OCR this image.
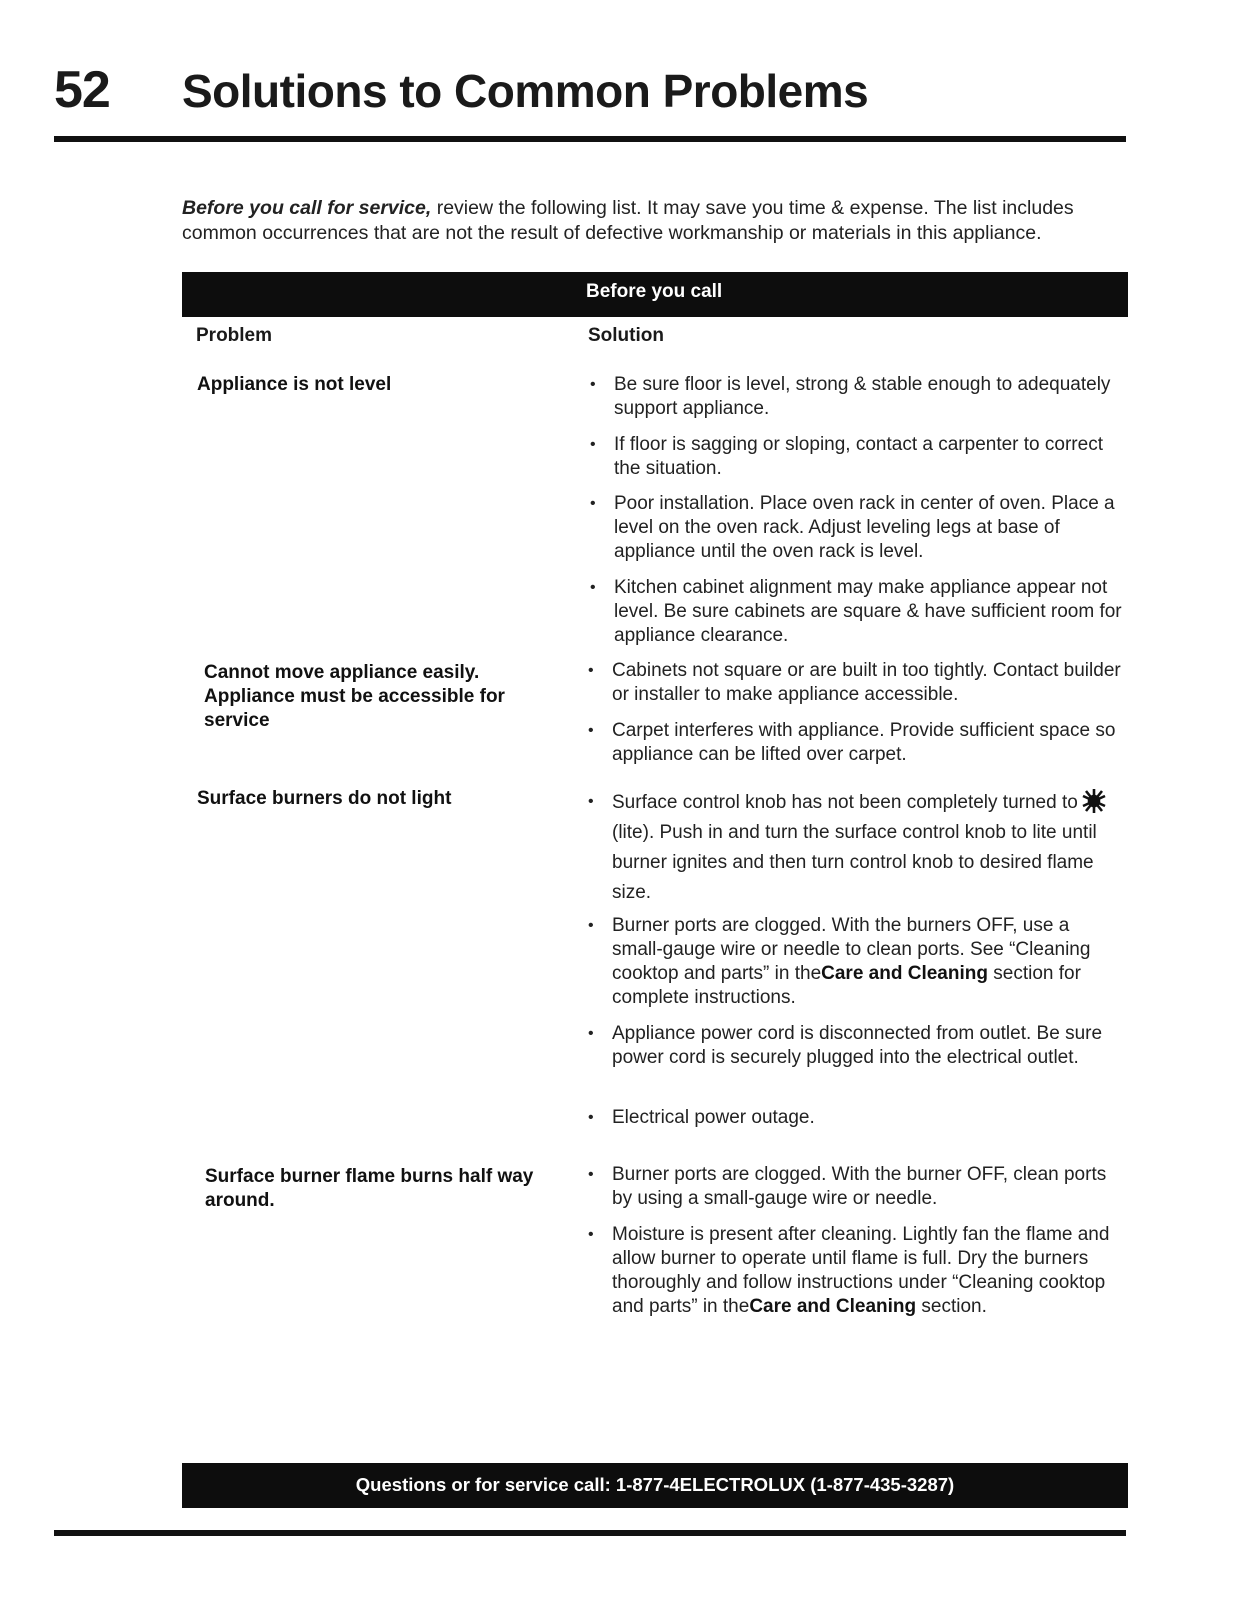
52 Solutions to Common Problems
Before you call for service, review the following list. It may save you time & expense. The list includes common occurrences that are not the result of defective workmanship or materials in this appliance.
Before you call
Problem	Solution
Appliance is not level	• Be sure floor is level, strong & stable enough to adequately support appliance.
• If floor is sagging or sloping, contact a carpenter to correct the situation.
• Poor installation. Place oven rack in center of oven. Place a level on the oven rack. Adjust leveling legs at base of appliance until the oven rack is level.
• Kitchen cabinet alignment may make appliance appear not level. Be sure cabinets are square & have sufficient room for appliance clearance.
Cannot move appliance easily. Appliance must be accessible for service
• Cabinets not square or are built in too tightly. Contact builder or installer to make appliance accessible.
• Carpet interferes with appliance. Provide sufficient space so appliance can be lifted over carpet.
Surface burners do not light	• Surface control knob has not been completely turned to (lite). Push in and turn the surface control knob to lite until burner ignites and then turn control knob to desired flame size.
• Burner ports are clogged. With the burners OFF, use a small-gauge wire or needle to clean ports. See “Cleaning cooktop and parts” in theCare and Cleaning section for complete instructions.
• Appliance power cord is disconnected from outlet. Be sure power cord is securely plugged into the electrical outlet.
• Electrical power outage.
Surface burner flame burns half way around.
• Burner ports are clogged. With the burner OFF, clean ports by using a small-gauge wire or needle.
• Moisture is present after cleaning. Lightly fan the flame and allow burner to operate until flame is full. Dry the burners thoroughly and follow instructions under “Cleaning cooktop and parts” in theCare and Cleaning section.
Questions or for service call: 1-877-4ELECTROLUX (1-877-435-3287)
